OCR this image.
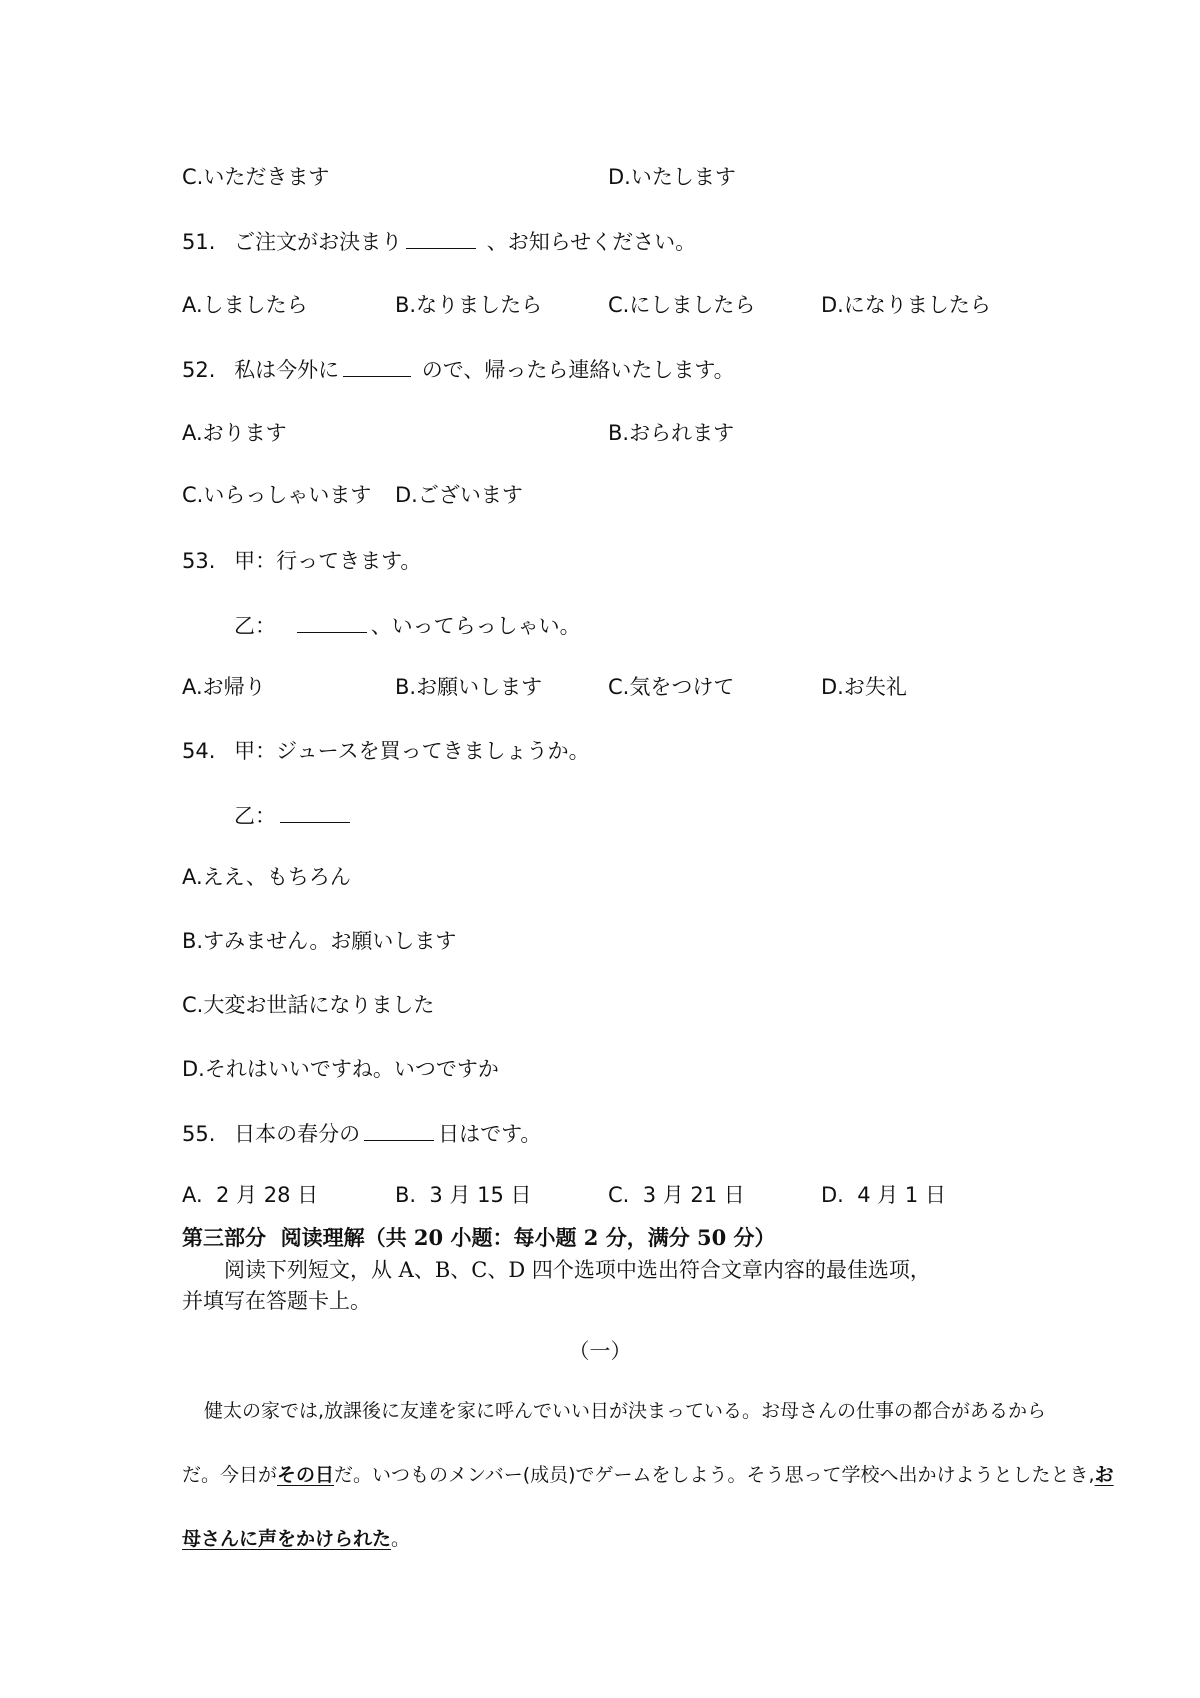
C.いただきます	D.いたします
51. ご注文がお決まり	、お知らせください。
A.しましたら	B.なりましたら	C.にしましたら	D.になりましたら
52. 私は今外に	ので、帰ったら連絡いたします。
A.おります	B.おられます
C.いらっしゃいます D.ございます
53. 甲：行ってきます。
乙：	、いってらっしゃい。
A.お帰り	B.お願いします	C.気をつけて	D.お失礼
54. 甲：ジュースを買ってきましょうか。
乙：
A.ええ、もちろん
B.すみません。お願いします
C.大変お世話になりました
D.それはいいですね。いつですか
55. 日本の春分の	日はです。
A.  2 月 28 日	B.  3 月 15 日	C.  3 月 21 日	D.  4 月 1 日
第三部分  阅读理解（共 20 小题：每小题 2 分，满分 50 分）
阅读下列短文，从 A、B、C、D 四个选项中选出符合文章内容的最佳选项，
并填写在答题卡上。
（一）
健太の家では,放課後に友達を家に呼んでいい日が決まっている。お母さんの仕事の都合があるから
だ。今日がその日だ。いつものメンバー(成员)でゲームをしよう。そう思って学校へ出かけようとしたとき,お
母さんに声をかけられた。
